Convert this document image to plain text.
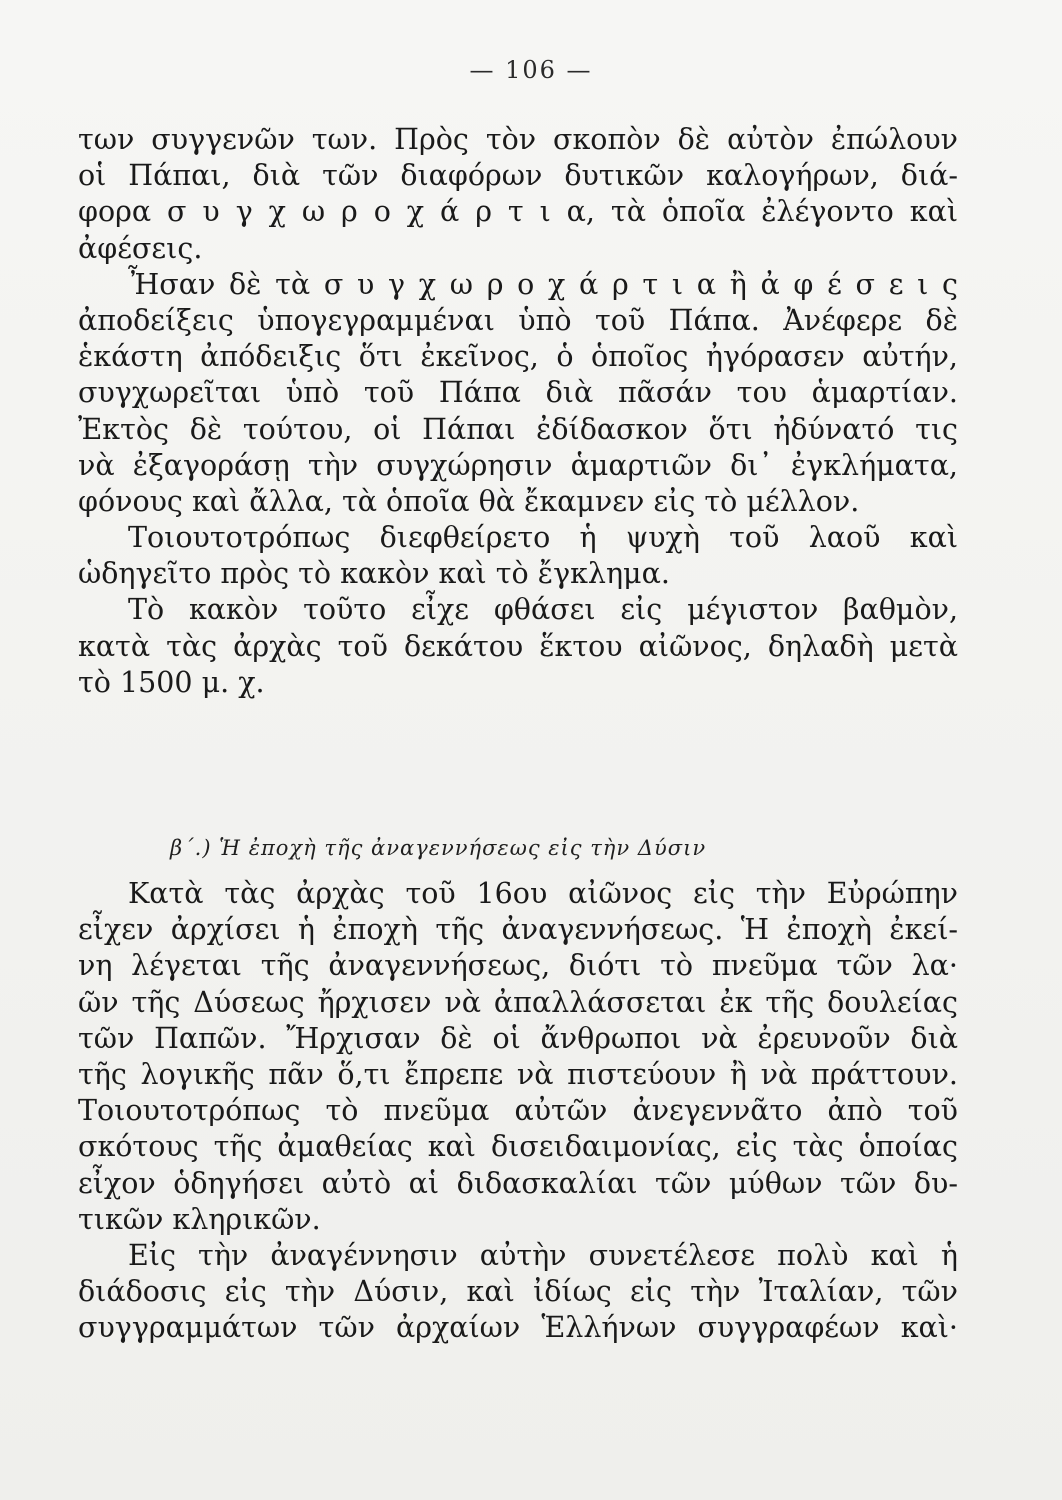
— 106 —
των συγγενῶν των. Πρὸς τὸν σκοπὸν δὲ αὐτὸν ἐπώλουν
οἱ Πάπαι, διὰ τῶν διαφόρων δυτικῶν καλογήρων, διά-
φορα σ υ γ χ ω ρ ο χ ά ρ τ ι α, τὰ ὁποῖα ἐλέγοντο καὶ
ἀφέσεις.
Ἦσαν δὲ τὰ σ υ γ χ ω ρ ο χ ά ρ τ ι α ἢ ἀ φ έ σ ε ι ς
ἀποδείξεις ὑπογεγραμμέναι ὑπὸ τοῦ Πάπα. Ἀνέφερε δὲ
ἑκάστη ἀπόδειξις ὅτι ἐκεῖνος, ὁ ὁποῖος ἠγόρασεν αὐτήν,
συγχωρεῖται ὑπὸ τοῦ Πάπα διὰ πᾶσάν του ἁμαρτίαν.
Ἐκτὸς δὲ τούτου, οἱ Πάπαι ἐδίδασκον ὅτι ἠδύνατό τις
νὰ ἐξαγοράσῃ τὴν συγχώρησιν ἁμαρτιῶν δι᾽ ἐγκλήματα,
φόνους καὶ ἄλλα, τὰ ὁποῖα θὰ ἔκαμνεν εἰς τὸ μέλλον.
Τοιουτοτρόπως διεφθείρετο ἡ ψυχὴ τοῦ λαοῦ καὶ
ὡδηγεῖτο πρὸς τὸ κακὸν καὶ τὸ ἔγκλημα.
Τὸ κακὸν τοῦτο εἶχε φθάσει εἰς μέγιστον βαθμὸν,
κατὰ τὰς ἀρχὰς τοῦ δεκάτου ἕκτου αἰῶνος, δηλαδὴ μετὰ
τὸ 1500 μ. χ.
β΄.) Ἡ ἐποχὴ τῆς ἀναγεννήσεως εἰς τὴν Δύσιν
Κατὰ τὰς ἀρχὰς τοῦ 16ου αἰῶνος εἰς τὴν Εὐρώπην
εἶχεν ἀρχίσει ἡ ἐποχὴ τῆς ἀναγεννήσεως. Ἡ ἐποχὴ ἐκεί-
νη λέγεται τῆς ἀναγεννήσεως, διότι τὸ πνεῦμα τῶν λα·
ῶν τῆς Δύσεως ἤρχισεν νὰ ἀπαλλάσσεται ἐκ τῆς δουλείας
τῶν Παπῶν. Ἤρχισαν δὲ οἱ ἄνθρωποι νὰ ἐρευνοῦν διὰ
τῆς λογικῆς πᾶν ὅ,τι ἔπρεπε νὰ πιστεύουν ἢ νὰ πράττουν.
Τοιουτοτρόπως τὸ πνεῦμα αὐτῶν ἀνεγεννᾶτο ἀπὸ τοῦ
σκότους τῆς ἀμαθείας καὶ δισειδαιμονίας, εἰς τὰς ὁποίας
εἶχον ὁδηγήσει αὐτὸ αἱ διδασκαλίαι τῶν μύθων τῶν δυ-
τικῶν κληρικῶν.
Εἰς τὴν ἀναγέννησιν αὐτὴν συνετέλεσε πολὺ καὶ ἡ
διάδοσις εἰς τὴν Δύσιν, καὶ ἰδίως εἰς τὴν Ἰταλίαν, τῶν
συγγραμμάτων τῶν ἀρχαίων Ἑλλήνων συγγραφέων καὶ·
